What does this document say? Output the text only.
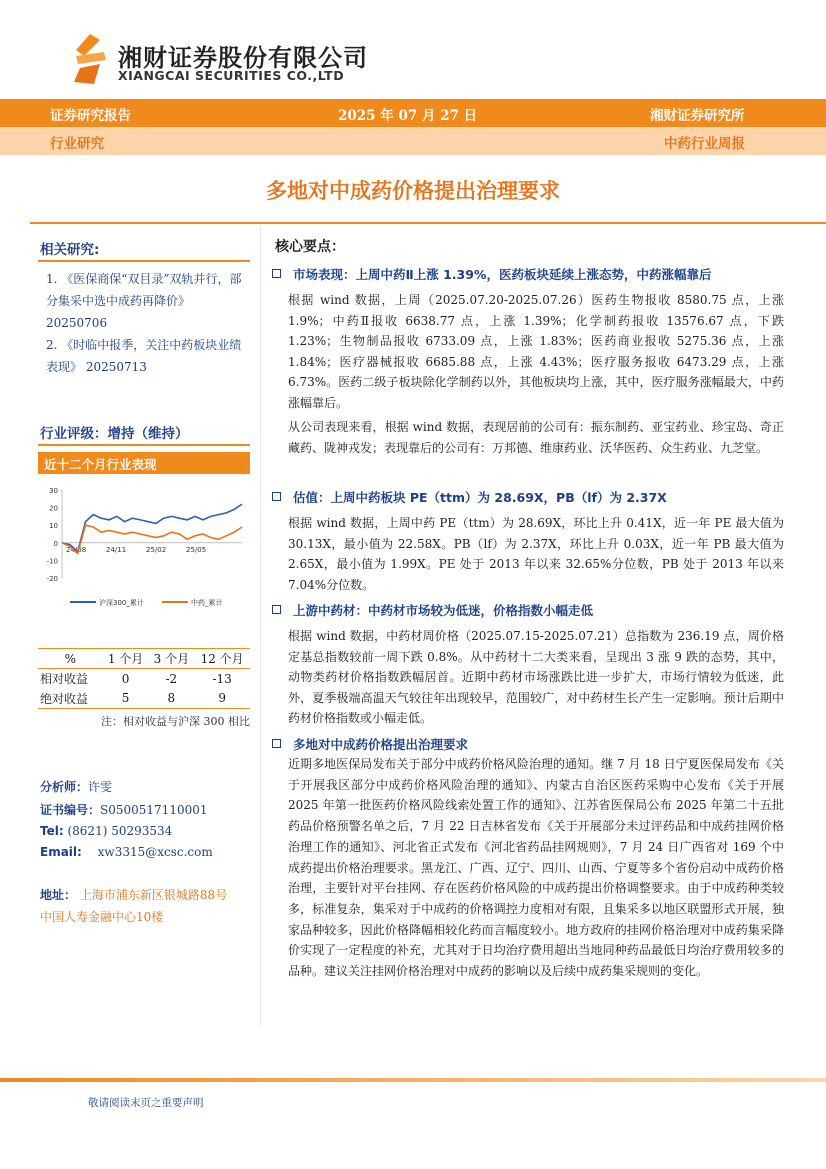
湘财证券股份有限公司
XIANGCAI SECURITIES CO.,LTD
证券研究报告	2025 年 07 月 27 日	湘财证券研究所
行业研究	中药行业周报
多地对中成药价格提出治理要求
相关研究:
1. 《医保商保“双目录”双轨并行，部分集采中选中成药再降价》
20250706
2. 《时临中报季，关注中药板块业绩表现》 20250713
行业评级：增持（维持）
近十二个月行业表现
30
20
10
0
-10
-20
24/08	24/11	25/02	25/05
沪深300_累计	中药_累计
%	1 个月	3 个月	12 个月
相对收益	0	-2	-13
绝对收益	5	8	9
注：相对收益与沪深 300 相比
分析师：许雯
证书编号：S0500517110001
Tel: (8621) 50293534
Email: xw3315@xcsc.com
地址： 上海市浦东新区银城路88号
中国人寿金融中心10楼
核心要点：
市场表现：上周中药Ⅱ上涨 1.39%，医药板块延续上涨态势，中药涨幅靠后
根据 wind 数据，上周（2025.07.20-2025.07.26）医药生物报收 8580.75 点，上涨 1.9%；中药Ⅱ报收 6638.77 点，上涨 1.39%；化学制药报收 13576.67 点，下跌 1.23%；生物制品报收 6733.09 点，上涨 1.83%；医药商业报收 5275.36 点，上涨 1.84%；医疗器械报收 6685.88 点，上涨 4.43%；医疗服务报收 6473.29 点，上涨 6.73%。医药二级子板块除化学制药以外，其他板块均上涨，其中，医疗服务涨幅最大，中药涨幅靠后。
从公司表现来看，根据 wind 数据，表现居前的公司有：振东制药、亚宝药业、珍宝岛、奇正藏药、陇神戎发；表现靠后的公司有：万邦德、维康药业、沃华医药、众生药业、九芝堂。
估值：上周中药板块 PE（ttm）为 28.69X，PB（lf）为 2.37X
根据 wind 数据，上周中药 PE（ttm）为 28.69X，环比上升 0.41X，近一年 PE 最大值为 30.13X，最小值为 22.58X。PB（lf）为 2.37X，环比上升 0.03X，近一年 PB 最大值为 2.65X，最小值为 1.99X。PE 处于 2013 年以来 32.65%分位数，PB 处于 2013 年以来 7.04%分位数。
上游中药材：中药材市场较为低迷，价格指数小幅走低
根据 wind 数据，中药材周价格（2025.07.15-2025.07.21）总指数为 236.19 点，周价格定基总指数较前一周下跌 0.8%。从中药材十二大类来看，呈现出 3 涨 9 跌的态势，其中，动物类药材价格指数跌幅居首。近期中药材市场涨跌比进一步扩大，市场行情较为低迷，此外，夏季极端高温天气较往年出现较早，范围较广，对中药材生长产生一定影响。预计后期中药材价格指数或小幅走低。
多地对中成药价格提出治理要求
近期多地医保局发布关于部分中成药价格风险治理的通知。继 7 月 18 日宁夏医保局发布《关于开展我区部分中成药价格风险治理的通知》、内蒙古自治区医药采购中心发布《关于开展 2025 年第一批医药价格风险线索处置工作的通知》、江苏省医保局公布 2025 年第二十五批药品价格预警名单之后，7 月 22 日吉林省发布《关于开展部分未过评药品和中成药挂网价格治理工作的通知》、河北省正式发布《河北省药品挂网规则》，7 月 24 日广西省对 169 个中成药提出价格治理要求。黑龙江、广西、辽宁、四川、山西、宁夏等多个省份启动中成药价格治理，主要针对平台挂网、存在医药价格风险的中成药提出价格调整要求。由于中成药种类较多，标准复杂，集采对于中成药的价格调控力度相对有限，且集采多以地区联盟形式开展，独家品种较多，因此价格降幅相较化药而言幅度较小。地方政府的挂网价格治理对中成药集采降价实现了一定程度的补充，尤其对于日均治疗费用超出当地同种药品最低日均治疗费用较多的品种。建议关注挂网价格治理对中成药的影响以及后续中成药集采规则的变化。
敬请阅读末页之重要声明
